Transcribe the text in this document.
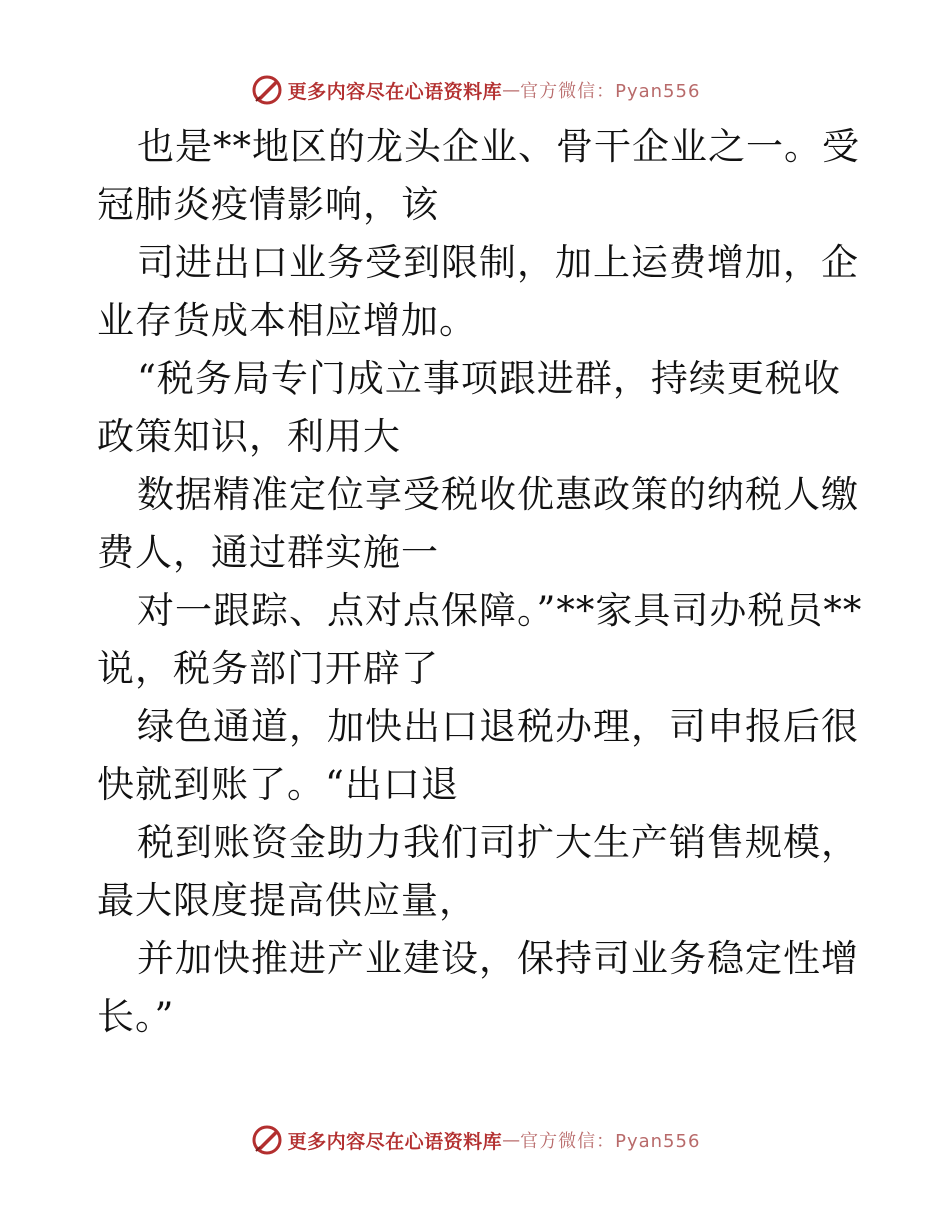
更多内容尽在心语资料库 — 官方微信：Pyan556
也是**地区的龙头企业、骨干企业之一。受冠肺炎疫情影响，该
司进出口业务受到限制，加上运费增加，企业存货成本相应增加。
“税务局专门成立事项跟进群，持续更税收政策知识，利用大
数据精准定位享受税收优惠政策的纳税人缴费人，通过群实施一
对一跟踪、点对点保障。”**家具司办税员**说，税务部门开辟了
绿色通道，加快出口退税办理，司申报后很快就到账了。“出口退
税到账资金助力我们司扩大生产销售规模，最大限度提高供应量，
并加快推进产业建设，保持司业务稳定性增长。”
更多内容尽在心语资料库 — 官方微信：Pyan556
